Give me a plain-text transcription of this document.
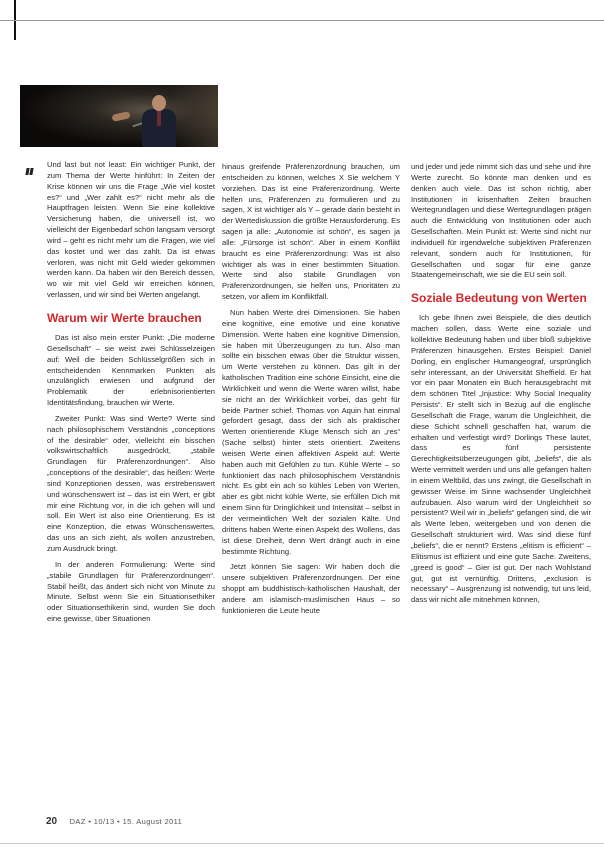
Und last but not least: Ein wichtiger Punkt, der zum Thema der Werte hinführt: In Zeiten der Krise können wir uns die Frage „Wie viel kostet es?“ und „Wer zahlt es?“ nicht mehr als die Hauptfragen leisten. Wenn Sie eine kollektive Versicherung haben, die universell ist, wo vielleicht der Eigenbedarf schön langsam versorgt wird – geht es nicht mehr um die Fragen, wie viel das kostet und wer das zahlt. Da ist etwas verloren, was nicht mit Geld wieder gekommen werden kann. Da haben wir den Bereich dessen, wo wir mit viel Geld wir erreichen können, verlassen, und wir sind bei Werten angelangt.

Warum wir Werte brauchen

Das ist also mein erster Punkt: „Die moderne Gesellschaft“ – sie weist zwei Schlüsselzeigen auf: Weil die beiden Schlüsselgrößen sich in entscheidenden Kennmarken Punkten als unzulänglich erwiesen und aufgrund der Problematik der erlebnisorientierten Identitätsfindung, brauchen wir Werte.

Zweiter Punkt: Was sind Werte? Werte sind nach philosophischem Verständnis „conceptions of the desirable“ oder, vielleicht ein bisschen volkswirtschaftlich ausgedrückt, „stabile Grundlagen für Präferenzordnungen“. Also „conceptions of the desirable“, das heißen: Werte sind Konzeptionen dessen, was erstrebenswert und wünschenswert ist – das ist ein Wert, er gibt mir eine Richtung vor, in die ich gehen will und soll. Ein Wert ist also eine Orientierung. Es ist eine Konzeption, die etwas Wünschenswertes, das uns an sich zieht, als wollen anzustreben, zum Ausdruck bringt.

In der anderen Formulierung: Werte sind „stabile Grundlagen für Präferenzordnungen“. Stabil heißt, das ändert sich nicht von Minute zu Minute. Selbst wenn Sie ein Situationsethiker oder Situationsethikerin sind, wurden Sie doch eine gewisse, über Situationen

hinaus greifende Präferenzordnung brauchen, um entscheiden zu können, welches X Sie welchem Y vorziehen. Das ist eine Präferenzordnung. Werte helfen uns, Präferenzen zu formulieren und zu sagen, X ist wichtiger als Y – gerade darin besteht in der Wertediskussion die größte Herausforderung. Es sagen ja alle: „Autonomie ist schön“, es sagen ja alle: „Fürsorge ist schön“. Aber in einem Konflikt braucht es eine Präferenzordnung: Was ist also wichtiger als was in einer bestimmten Situation. Werte sind also stabile Grundlagen von Präferenzordnungen, sie helfen uns, Prioritäten zu setzen, vor allem im Konfliktfall.

Nun haben Werte drei Dimensionen. Sie haben eine kognitive, eine emotive und eine konative Dimension. Werte haben eine kognitive Dimension, sie haben mit Überzeugungen zu tun. Also man sollte ein bisschen etwas über die Struktur wissen, um Werte verstehen zu können. Das gilt in der katholischen Tradition eine schöne Einsicht, eine die Wirklichkeit und wenn die Werte wären willst, habe sie nicht an der Wirklichkeit vorbei, das geht für beide Partner schief. Thomas von Aquin hat einmal gefordert gesagt, dass der sich als praktischer Werten orientierende Kluge Mensch sich an „res“ (Sache selbst) hinter stets orientiert. Zweitens weisen Werte einen affektiven Aspekt auf: Werte haben auch mit Gefühlen zu tun. Kühle Werte – so funktioniert das nach philosophischem Verständnis nicht. Es gibt ein ach so kühles Leben von Werten, aber es gibt nicht kühle Werte, sie erfüllen Dich mit einem Sinn für Dringlichkeit und Intensität – selbst in der vermeintlichen Welt der sozialen Kälte. Und drittens haben Werte einen Aspekt des Wollens, das ist diese Dreiheit, denn Wert drängt auch in eine bestimmte Richtung.

Jetzt können Sie sagen: Wir haben doch die unsere subjektiven Präferenzordnungen. Der eine shoppt am buddhistisch-katholischen Haushalt, der andere am islamisch-muslimischen Haus – so funktionieren die Leute heute

und jeder und jede nimmt sich das und sehe und ihre Werte zurecht. So könnte man denken und es denken auch viele. Das ist schon richtig, aber Institutionen in krisenhaften Zeiten brauchen Wertegrundlagen und diese Wertegrundlagen prägen auch die Entwicklung von Institutionen oder auch Gesellschaften. Mein Punkt ist: Werte sind nicht nur individuell für irgendwelche subjektiven Präferenzen relevant, sondern auch für Institutionen, für Gesellschaften und sogar für eine ganze Staatengemeinschaft, wie sie die EU sein soll.

Soziale Bedeutung von Werten

Ich gebe Ihnen zwei Beispiele, die dies deutlich machen sollen, dass Werte eine soziale und kollektive Bedeutung haben und über bloß subjektive Präferenzen hinausgehen. Erstes Beispiel: Daniel Dorling, ein englischer Humangeograf, ursprünglich sehr interessant, an der Universität Sheffield. Er hat vor ein paar Monaten ein Buch herausgebracht mit dem schönen Titel „Injustice: Why Social Inequality Persists“. Er stellt sich in Bezug auf die englische Gesellschaft die Frage, warum die Ungleichheit, die diese Schicht schnell geschaffen hat, warum die erhalten und verfestigt wird? Dorlings These lautet, dass es fünf persistente Gerechtigkeitsüberzeugungen gibt, „beliefs“, die als Werte vermittelt werden und uns alle gefangen halten in einem Weltbild, das uns zwingt, die Gesellschaft in gewisser Weise im Sinne wachsender Ungleichheit aufzubauen. Also warum wird der Ungleichheit so persistent? Weil wir in „beliefs“ gefangen sind, die wir als Werte leben, weitergeben und von denen die Gesellschaft strukturiert wird. Was sind diese fünf „beliefs“, die er nennt? Erstens „elitism is efficient“ – Elitismus ist effizient und eine gute Sache. Zweitens, „greed is good“ – Gier ist gut. Der nach Wohlstand gut, gut ist vernünftig. Drittens, „exclusion is necessary“ – Ausgrenzung ist notwendig, tut uns leid, dass wir nicht alle mitnehmen können,

20 DAZ • 10/13 • 15. August 2011
